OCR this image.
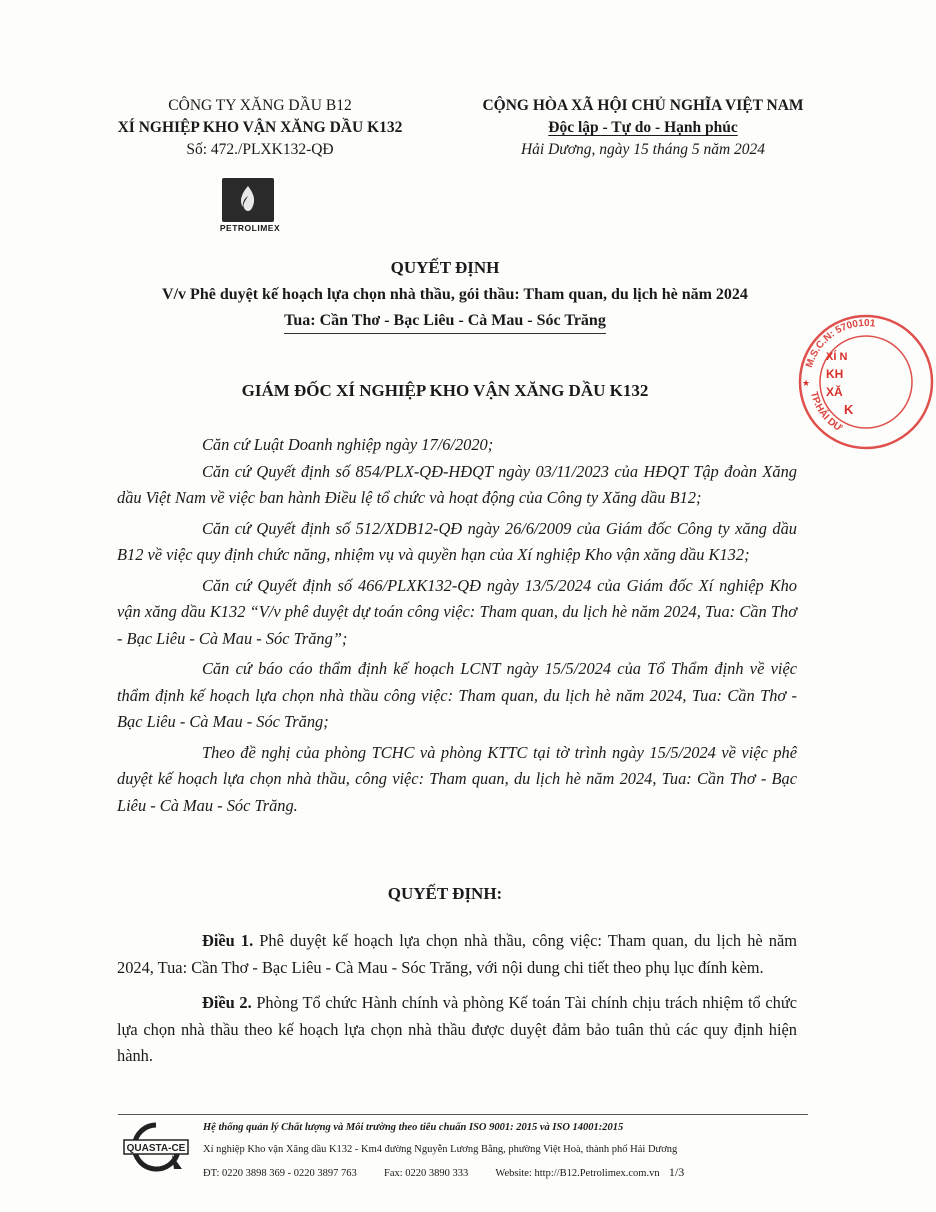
CÔNG TY XĂNG DẦU B12
XÍ NGHIỆP KHO VẬN XĂNG DẦU K132
Số: 472./PLXK132-QĐ
PETROLIMEX
CỘNG HÒA XÃ HỘI CHỦ NGHĨA VIỆT NAM
Độc lập - Tự do - Hạnh phúc
Hải Dương, ngày 15 tháng 5 năm 2024
QUYẾT ĐỊNH
V/v Phê duyệt kế hoạch lựa chọn nhà thầu, gói thầu: Tham quan, du lịch hè năm 2024
Tua: Cần Thơ - Bạc Liêu - Cà Mau - Sóc Trăng
GIÁM ĐỐC XÍ NGHIỆP KHO VẬN XĂNG DẦU K132

Căn cứ Luật Doanh nghiệp ngày 17/6/2020;

Căn cứ Quyết định số 854/PLX-QĐ-HĐQT ngày 03/11/2023 của HĐQT Tập đoàn Xăng dầu Việt Nam về việc ban hành Điều lệ tổ chức và hoạt động của Công ty Xăng dầu B12;

Căn cứ Quyết định số 512/XDB12-QĐ ngày 26/6/2009 của Giám đốc Công ty xăng dầu B12 về việc quy định chức năng, nhiệm vụ và quyền hạn của Xí nghiệp Kho vận xăng dầu K132;

Căn cứ Quyết định số 466/PLXK132-QĐ ngày 13/5/2024 của Giám đốc Xí nghiệp Kho vận xăng dầu K132 “V/v phê duyệt dự toán công việc: Tham quan, du lịch hè năm 2024, Tua: Cần Thơ - Bạc Liêu - Cà Mau - Sóc Trăng”;

Căn cứ báo cáo thẩm định kế hoạch LCNT ngày 15/5/2024 của Tổ Thẩm định về việc thẩm định kế hoạch lựa chọn nhà thầu công việc: Tham quan, du lịch hè năm 2024, Tua: Cần Thơ - Bạc Liêu - Cà Mau - Sóc Trăng;

Theo đề nghị của phòng TCHC và phòng KTTC tại tờ trình ngày 15/5/2024 về việc phê duyệt kế hoạch lựa chọn nhà thầu, công việc: Tham quan, du lịch hè năm 2024, Tua: Cần Thơ - Bạc Liêu - Cà Mau - Sóc Trăng.

QUYẾT ĐỊNH:

Điều 1. Phê duyệt kế hoạch lựa chọn nhà thầu, công việc: Tham quan, du lịch hè năm 2024, Tua: Cần Thơ - Bạc Liêu - Cà Mau - Sóc Trăng, với nội dung chi tiết theo phụ lục đính kèm.

Điều 2. Phòng Tổ chức Hành chính và phòng Kế toán Tài chính chịu trách nhiệm tổ chức lựa chọn nhà thầu theo kế hoạch lựa chọn nhà thầu được duyệt đảm bảo tuân thủ các quy định hiện hành.

QUASTA-CE
Hệ thống quản lý Chất lượng và Môi trường theo tiêu chuẩn ISO 9001: 2015 và ISO 14001:2015
Xí nghiệp Kho vận Xăng dầu K132 - Km4 đường Nguyễn Lương Bằng, phường Việt Hoà, thành phố Hải Dương
ĐT: 0220 3898 369 - 0220 3897 763	Fax: 0220 3890 333	Website: http://B12.Petrolimex.com.vn 1/3
M.S.C.N: 5700101
TP.HẢI DƯ
XÍ N
KH
XĂ
K
★
